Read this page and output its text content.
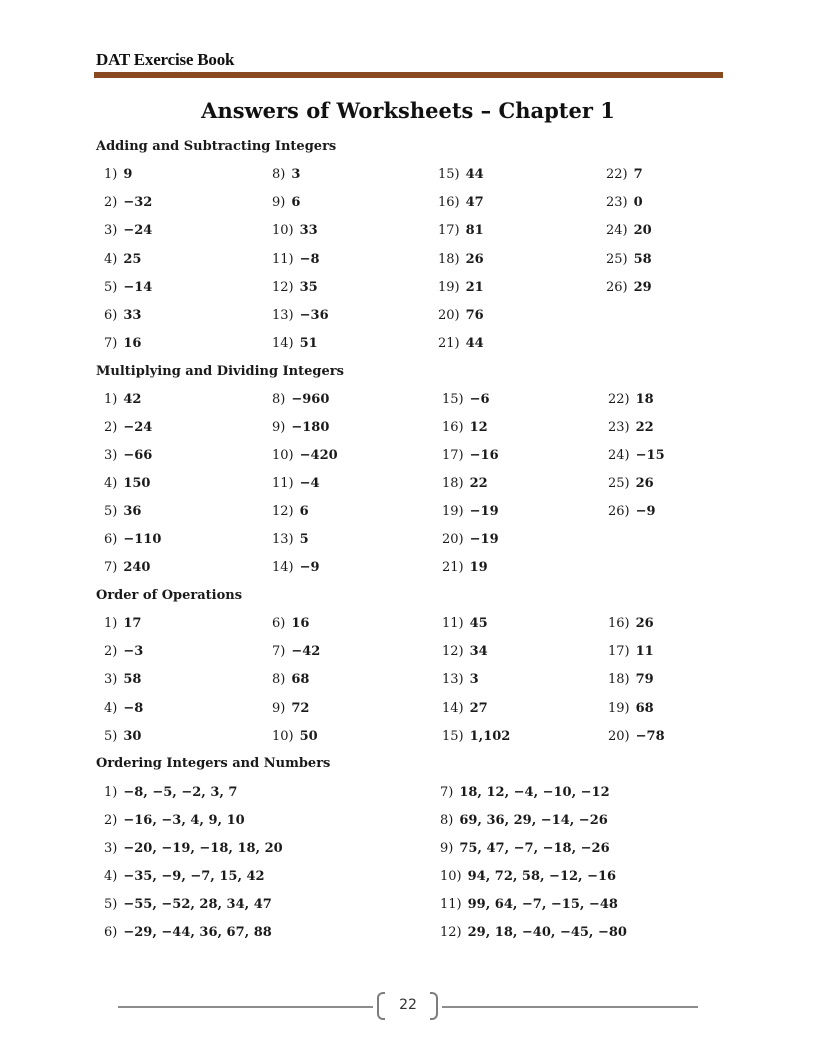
DAT Exercise Book
Answers of Worksheets – Chapter 1
Adding and Subtracting Integers
Multiplying and Dividing Integers
Order of Operations
Ordering Integers and Numbers
1) 9
2) −32
3) −24
4) 25
5) −14
6) 33
7) 16
8) 3
9) 6
10) 33
11) −8
12) 35
13) −36
14) 51
15) 44
16) 47
17) 81
18) 26
19) 21
20) 76
21) 44
22) 7
23) 0
24) 20
25) 58
26) 29
1) 42
2) −24
3) −66
4) 150
5) 36
6) −110
7) 240
8) −960
9) −180
10) −420
11) −4
12) 6
13) 5
14) −9
15) −6
16) 12
17) −16
18) 22
19) −19
20) −19
21) 19
22) 18
23) 22
24) −15
25) 26
26) −9
1) 17
2) −3
3) 58
4) −8
5) 30
6) 16
7) −42
8) 68
9) 72
10) 50
11) 45
12) 34
13) 3
14) 27
15) 1,102
16) 26
17) 11
18) 79
19) 68
20) −78
1) −8, −5, −2, 3, 7
2) −16, −3, 4, 9, 10
3) −20, −19, −18, 18, 20
4) −35, −9, −7, 15, 42
5) −55, −52, 28, 34, 47
6) −29, −44, 36, 67, 88
7) 18, 12, −4, −10, −12
8) 69, 36, 29, −14, −26
9) 75, 47, −7, −18, −26
10) 94, 72, 58, −12, −16
11) 99, 64, −7, −15, −48
12) 29, 18, −40, −45, −80
22
